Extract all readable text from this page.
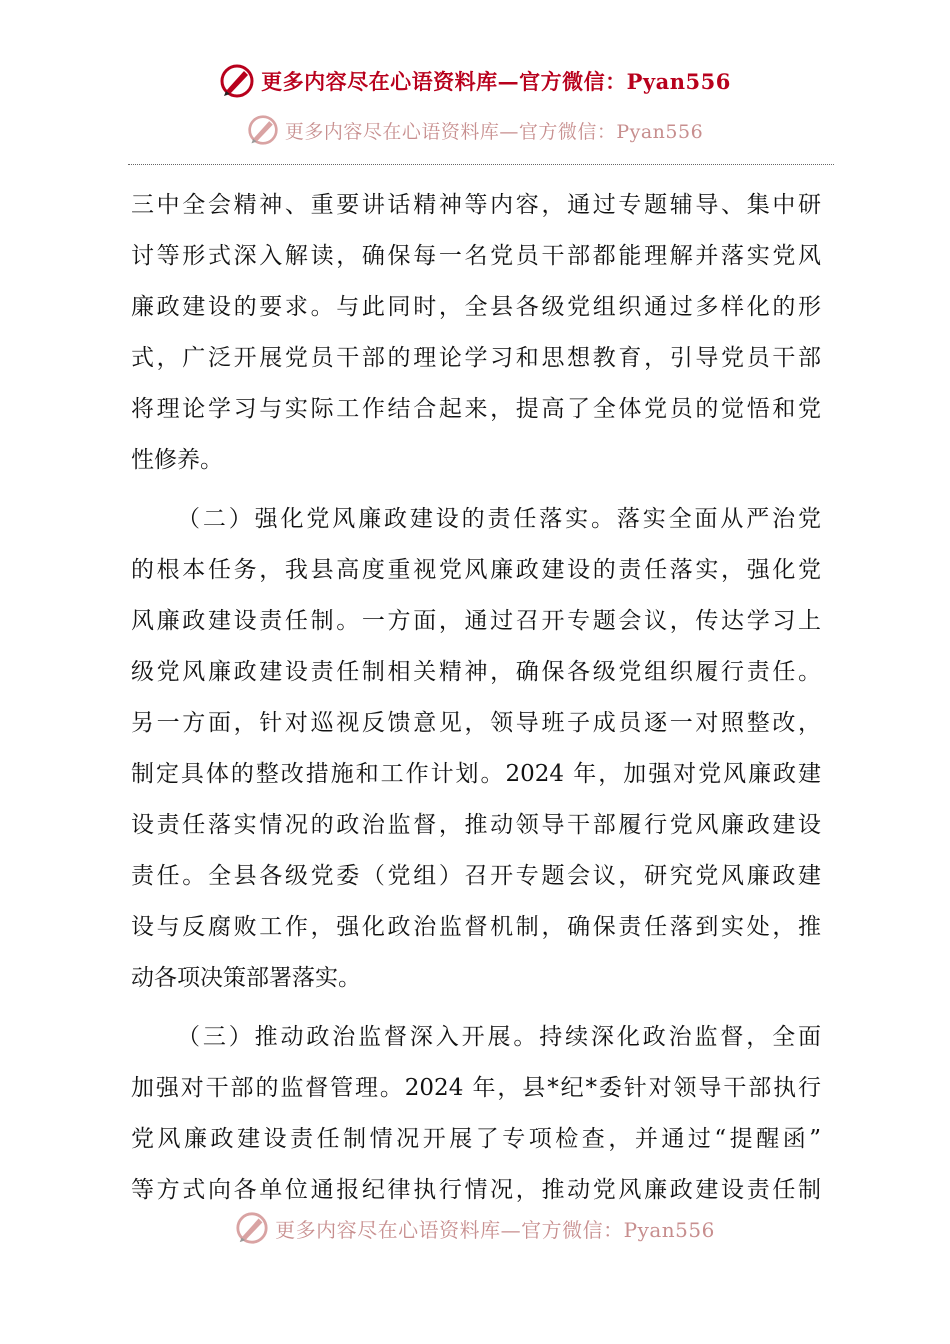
更多内容尽在心语资料库—官方微信：Pyan556
更多内容尽在心语资料库—官方微信：Pyan556
三中全会精神、重要讲话精神等内容，通过专题辅导、集中研
讨等形式深入解读，确保每一名党员干部都能理解并落实党风
廉政建设的要求。与此同时，全县各级党组织通过多样化的形
式，广泛开展党员干部的理论学习和思想教育，引导党员干部
将理论学习与实际工作结合起来，提高了全体党员的觉悟和党
性修养。
（二）强化党风廉政建设的责任落实。落实全面从严治党
的根本任务，我县高度重视党风廉政建设的责任落实，强化党
风廉政建设责任制。一方面，通过召开专题会议，传达学习上
级党风廉政建设责任制相关精神，确保各级党组织履行责任。
另一方面，针对巡视反馈意见，领导班子成员逐一对照整改，
制定具体的整改措施和工作计划。2024 年，加强对党风廉政建
设责任落实情况的政治监督，推动领导干部履行党风廉政建设
责任。全县各级党委（党组）召开专题会议，研究党风廉政建
设与反腐败工作，强化政治监督机制，确保责任落到实处，推
动各项决策部署落实。
（三）推动政治监督深入开展。持续深化政治监督，全面
加强对干部的监督管理。2024 年，县*纪*委针对领导干部执行
党风廉政建设责任制情况开展了专项检查，并通过“提醒函”
等方式向各单位通报纪律执行情况，推动党风廉政建设责任制
更多内容尽在心语资料库—官方微信：Pyan556
